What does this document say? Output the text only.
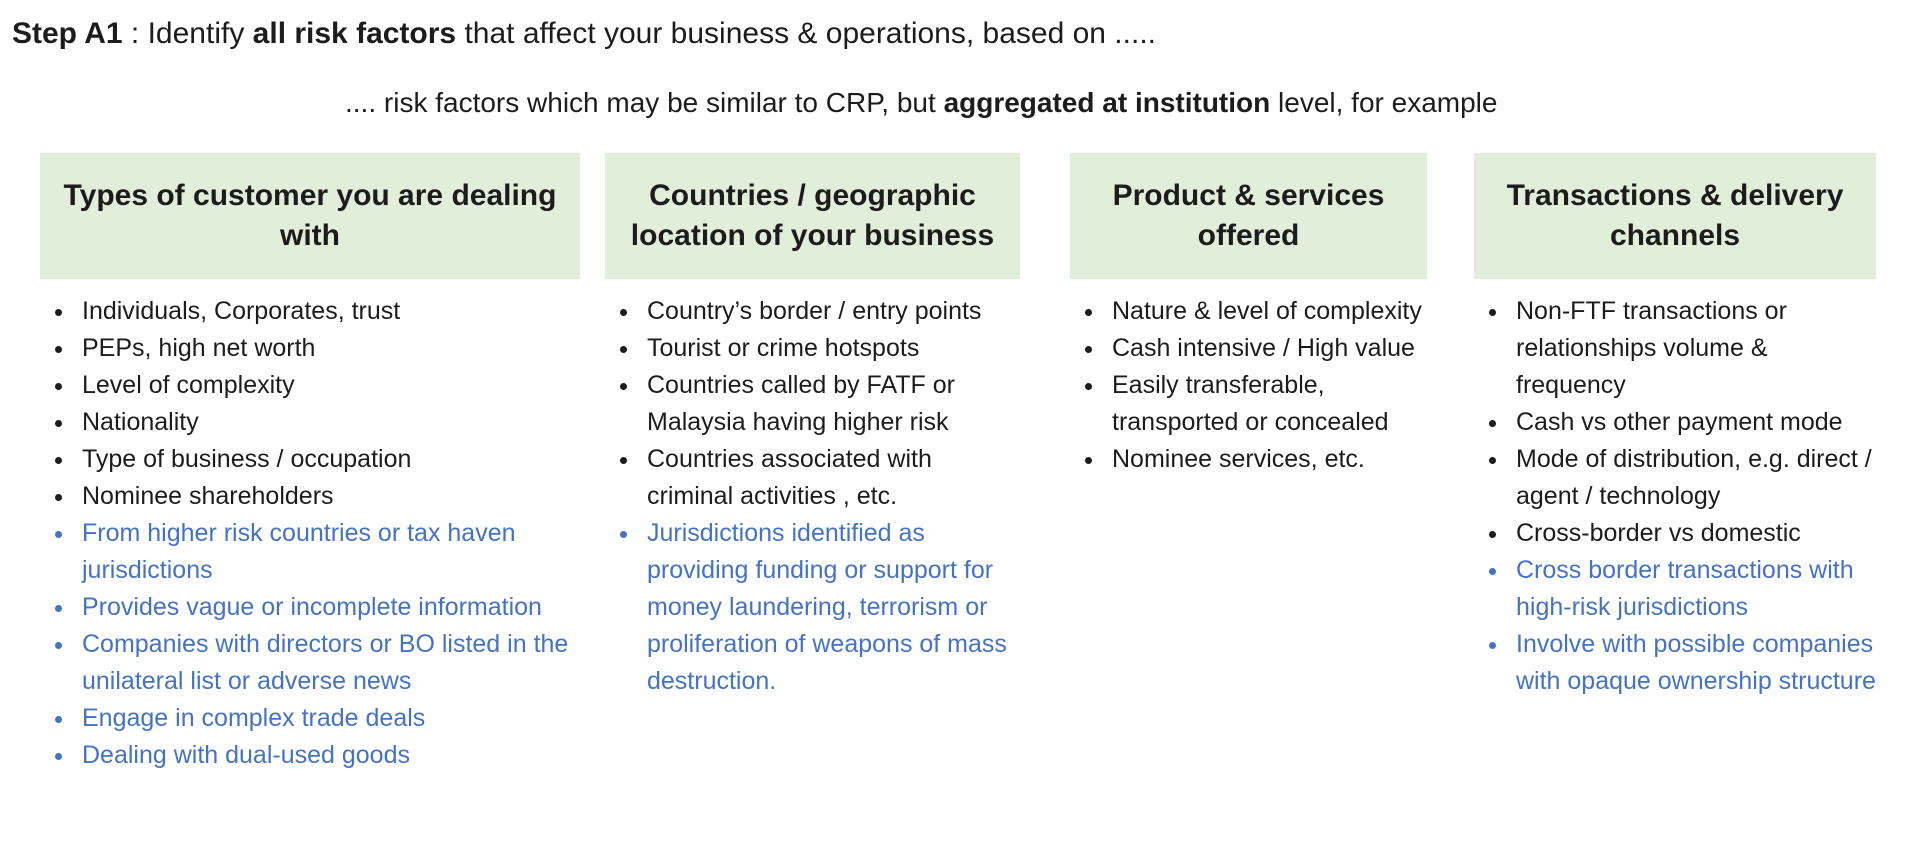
Step A1 : Identify all risk factors that affect your business & operations, based on .....
.... risk factors which may be similar to CRP, but aggregated at institution level, for example
Types of customer you are dealing with
• Individuals, Corporates, trust
• PEPs, high net worth
• Level of complexity
• Nationality
• Type of business / occupation
• Nominee shareholders
• From higher risk countries or tax haven jurisdictions
• Provides vague or incomplete information
• Companies with directors or BO listed in the unilateral list or adverse news
• Engage in complex trade deals
• Dealing with dual-used goods
Countries / geographic location of your business
• Country’s border / entry points
• Tourist or crime hotspots
• Countries called by FATF or Malaysia having higher risk
• Countries associated with criminal activities , etc.
• Jurisdictions identified as providing funding or support for money laundering, terrorism or proliferation of weapons of mass destruction.
Product & services offered
• Nature & level of complexity
• Cash intensive / High value
• Easily transferable, transported or concealed
• Nominee services, etc.
Transactions & delivery channels
• Non-FTF transactions or relationships volume & frequency
• Cash vs other payment mode
• Mode of distribution, e.g. direct / agent / technology
• Cross-border vs domestic
• Cross border transactions with high-risk jurisdictions
• Involve with possible companies with opaque ownership structure
